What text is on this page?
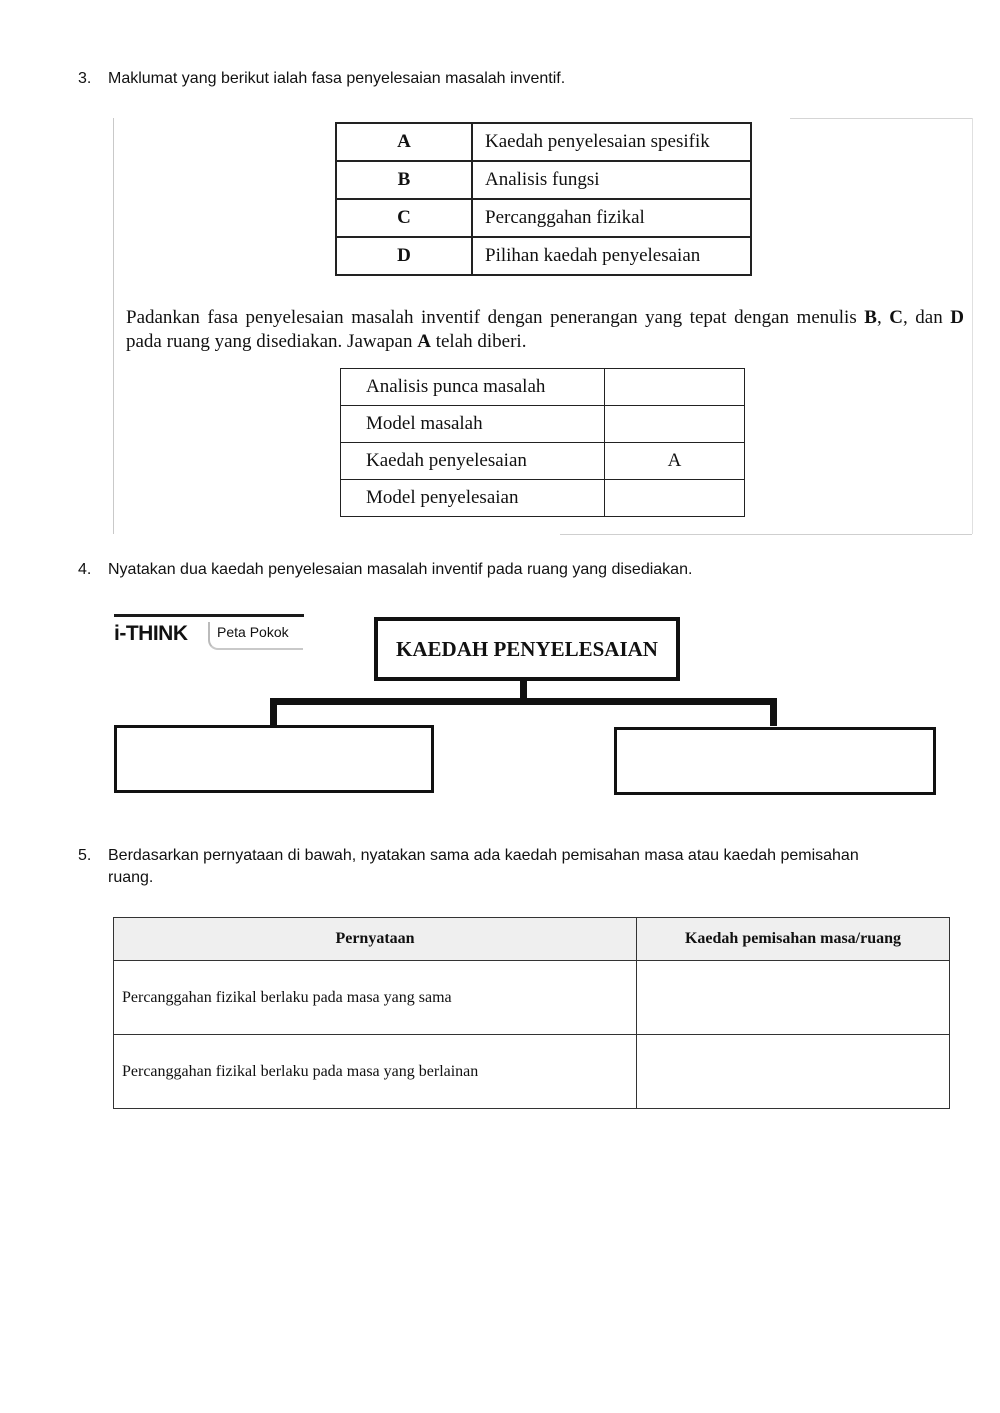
3. Maklumat yang berikut ialah fasa penyelesaian masalah inventif.
A	Kaedah penyelesaian spesifik
B	Analisis fungsi
C	Percanggahan fizikal
D	Pilihan kaedah penyelesaian
Padankan fasa penyelesaian masalah inventif dengan penerangan yang tepat dengan menulis B, C, dan D pada ruang yang disediakan. Jawapan A telah diberi.
Analisis punca masalah	
Model masalah	
Kaedah penyelesaian	A
Model penyelesaian	
4. Nyatakan dua kaedah penyelesaian masalah inventif pada ruang yang disediakan.
i-THINK	Peta Pokok
KAEDAH PENYELESAIAN
5. Berdasarkan pernyataan di bawah, nyatakan sama ada kaedah pemisahan masa atau kaedah pemisahan ruang.
Pernyataan	Kaedah pemisahan masa/ruang
Percanggahan fizikal berlaku pada masa yang sama	
Percanggahan fizikal berlaku pada masa yang berlainan	
